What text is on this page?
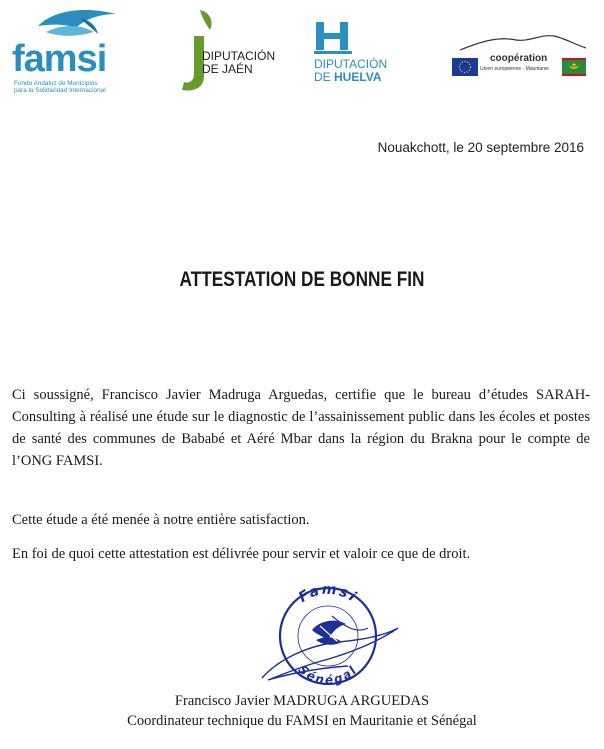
famsi
Fondo Andaluz de Municipios
para la Solidaridad Internacional
DIPUTACIÓN
DE JAÉN	DIPUTACIÓN
DE HUELVA
coopération
Union européenne - Mauritanie
Nouakchott, le 20 septembre 2016
ATTESTATION DE BONNE FIN
Ci soussigné, Francisco Javier Madruga Arguedas, certifie que le bureau d’études SARAH-Consulting à réalisé une étude sur le diagnostic de l’assainissement public dans les écoles et postes de santé des communes de Bababé et Aéré Mbar dans la région du Brakna pour le compte de l’ONG FAMSI.
Cette étude a été menée à notre entière satisfaction.
En foi de quoi cette attestation est délivrée pour servir et valoir ce que de droit.
Famsi
Sénégal
Francisco Javier MADRUGA ARGUEDAS
Coordinateur technique du FAMSI en Mauritanie et Sénégal
